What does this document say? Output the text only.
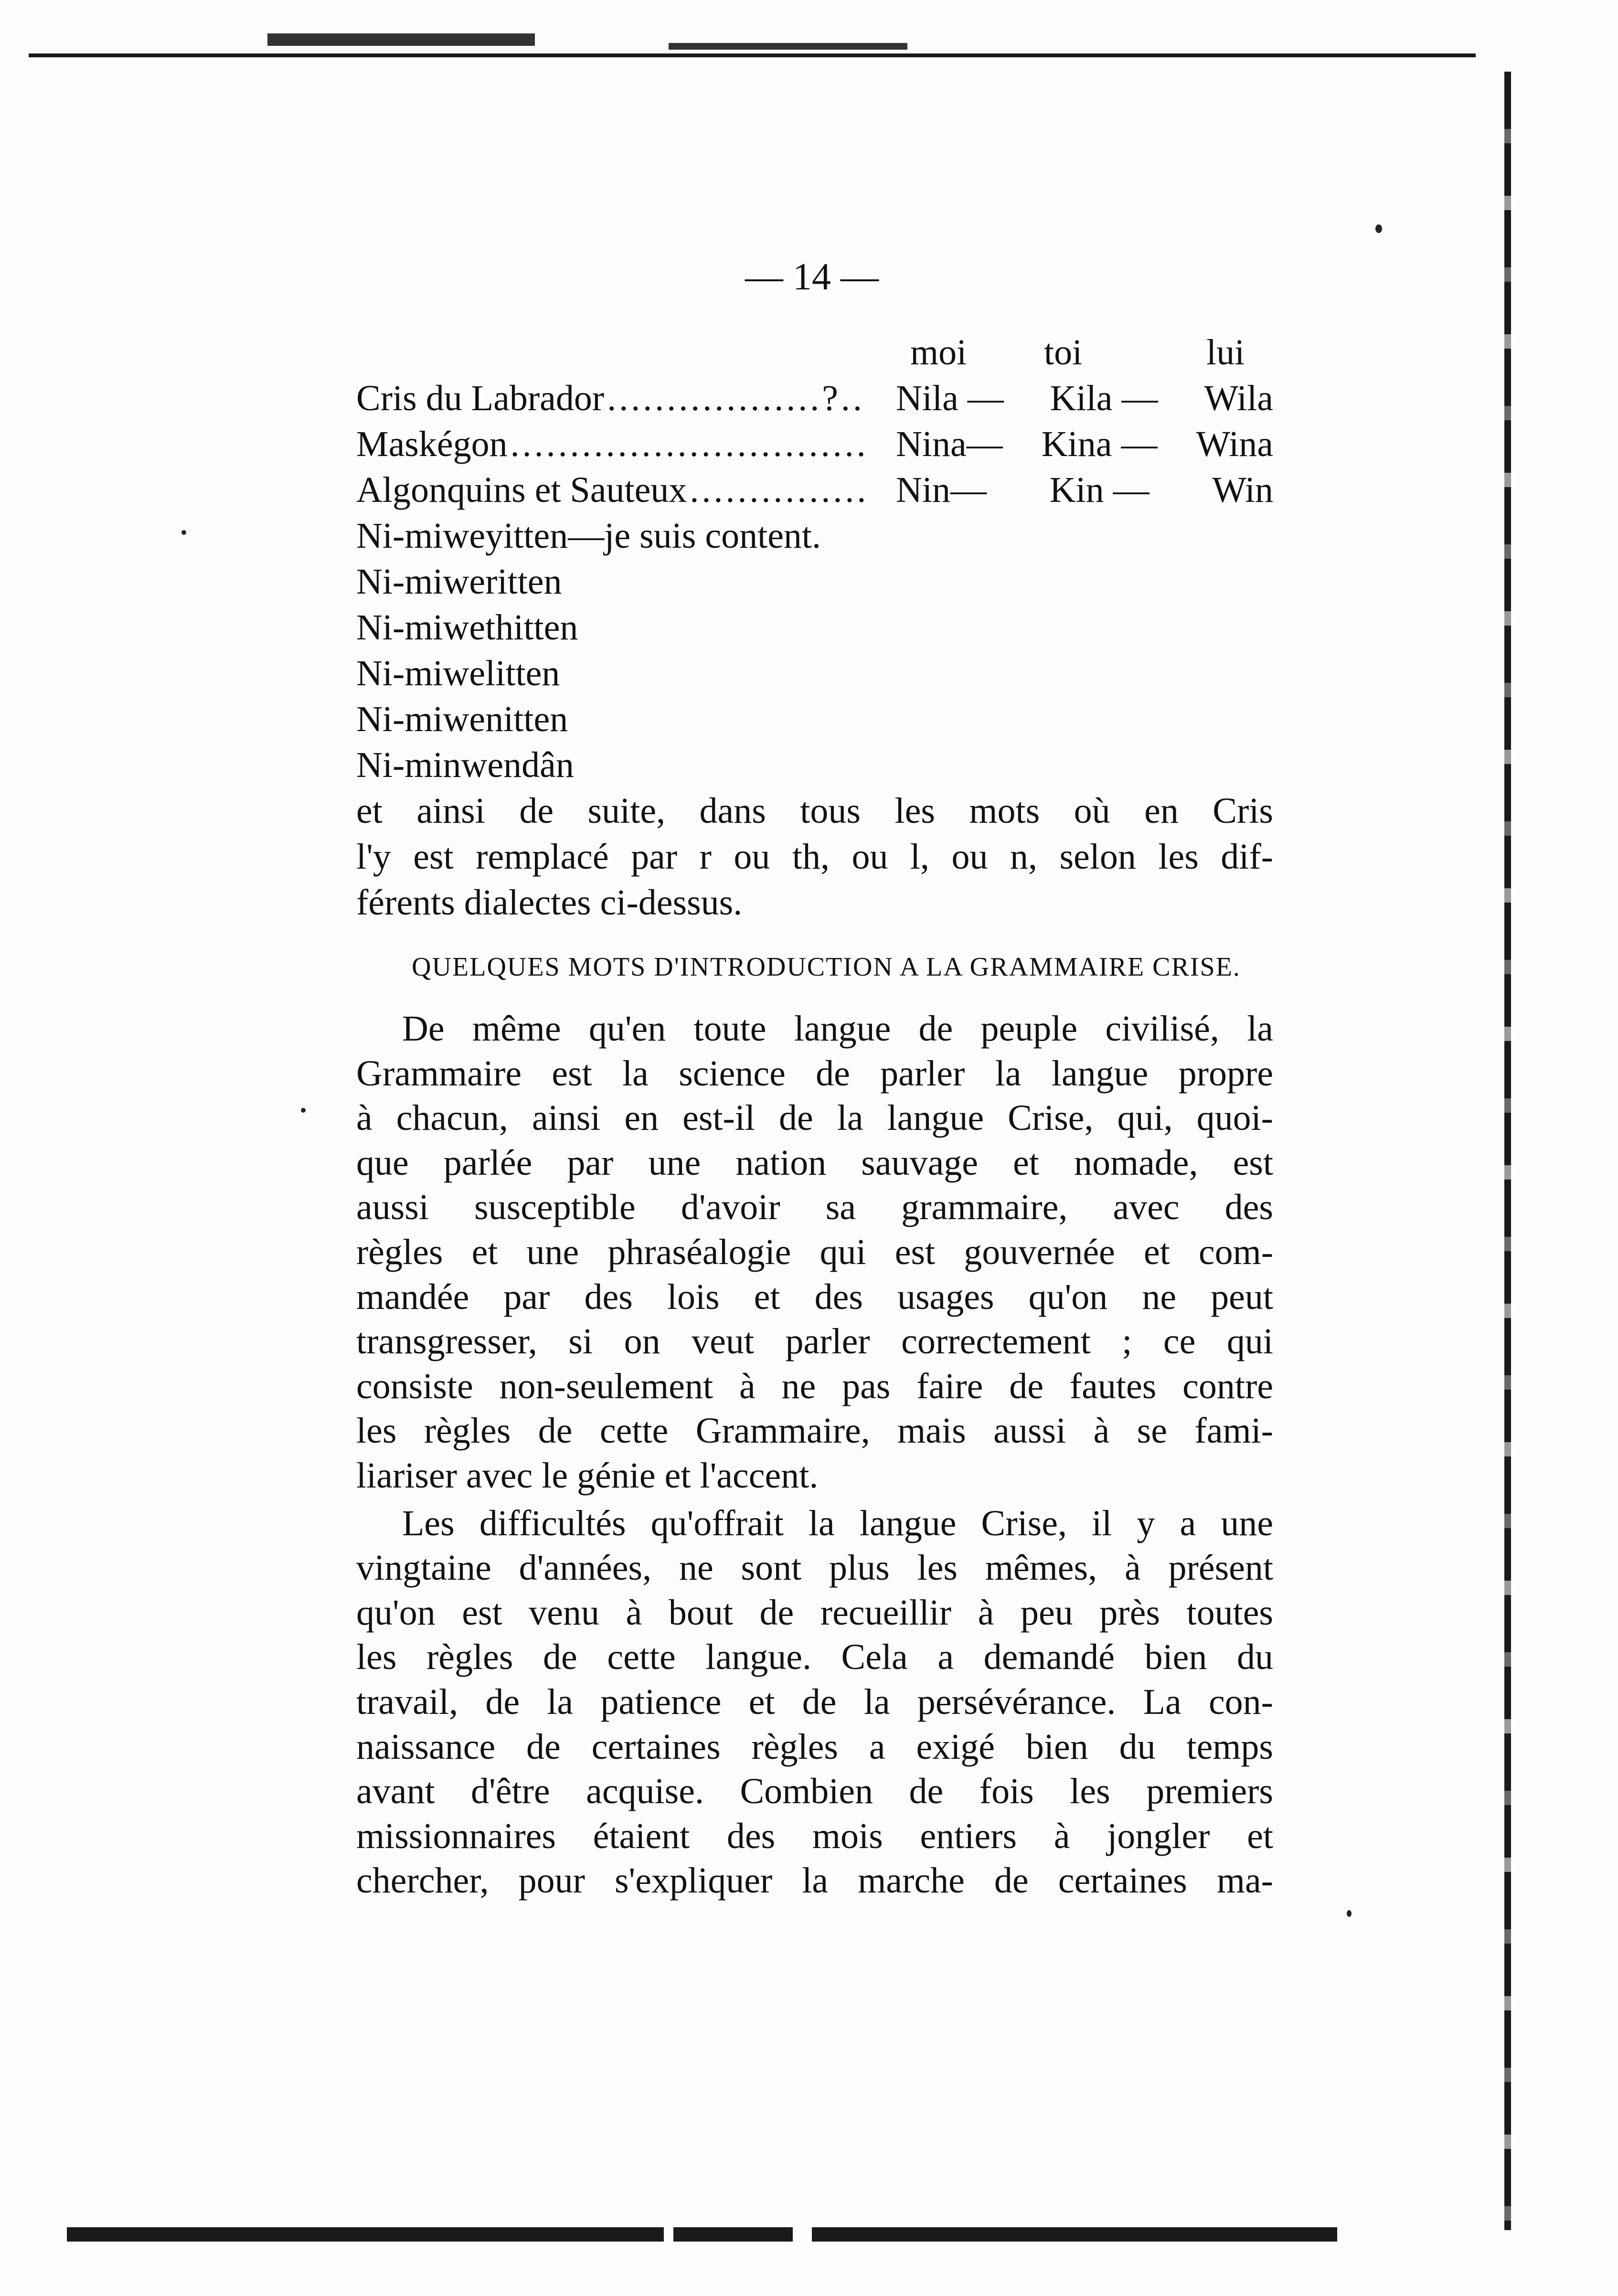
— 14 —
moi toi	lui
Cris du Labrador ..................?.. Nila — Kila — Wila
Maskégon .............................. Nina— Kina — Wina
Algonquins et Sauteux ............... Nin— Kin — Win
Ni-miweyitten—je suis content.
Ni-miweritten
Ni-miwethitten
Ni-miwelitten
Ni-miwenitten
Ni-minwendân
et ainsi de suite, dans tous les mots où en Cris
l'y est remplacé par r ou th, ou l, ou n, selon les dif-
férents dialectes ci-dessus.
QUELQUES MOTS D'INTRODUCTION A LA GRAMMAIRE CRISE.
De même qu'en toute langue de peuple civilisé, la
Grammaire est la science de parler la langue propre
à chacun, ainsi en est-il de la langue Crise, qui, quoi-
que parlée par une nation sauvage et nomade, est
aussi susceptible d'avoir sa grammaire, avec des
règles et une phraséalogie qui est gouvernée et com-
mandée par des lois et des usages qu'on ne peut
transgresser, si on veut parler correctement ; ce qui
consiste non-seulement à ne pas faire de fautes contre
les règles de cette Grammaire, mais aussi à se fami-
liariser avec le génie et l'accent.
Les difficultés qu'offrait la langue Crise, il y a une
vingtaine d'années, ne sont plus les mêmes, à présent
qu'on est venu à bout de recueillir à peu près toutes
les règles de cette langue. Cela a demandé bien du
travail, de la patience et de la persévérance. La con-
naissance de certaines règles a exigé bien du temps
avant d'être acquise. Combien de fois les premiers
missionnaires étaient des mois entiers à jongler et
chercher, pour s'expliquer la marche de certaines ma-
